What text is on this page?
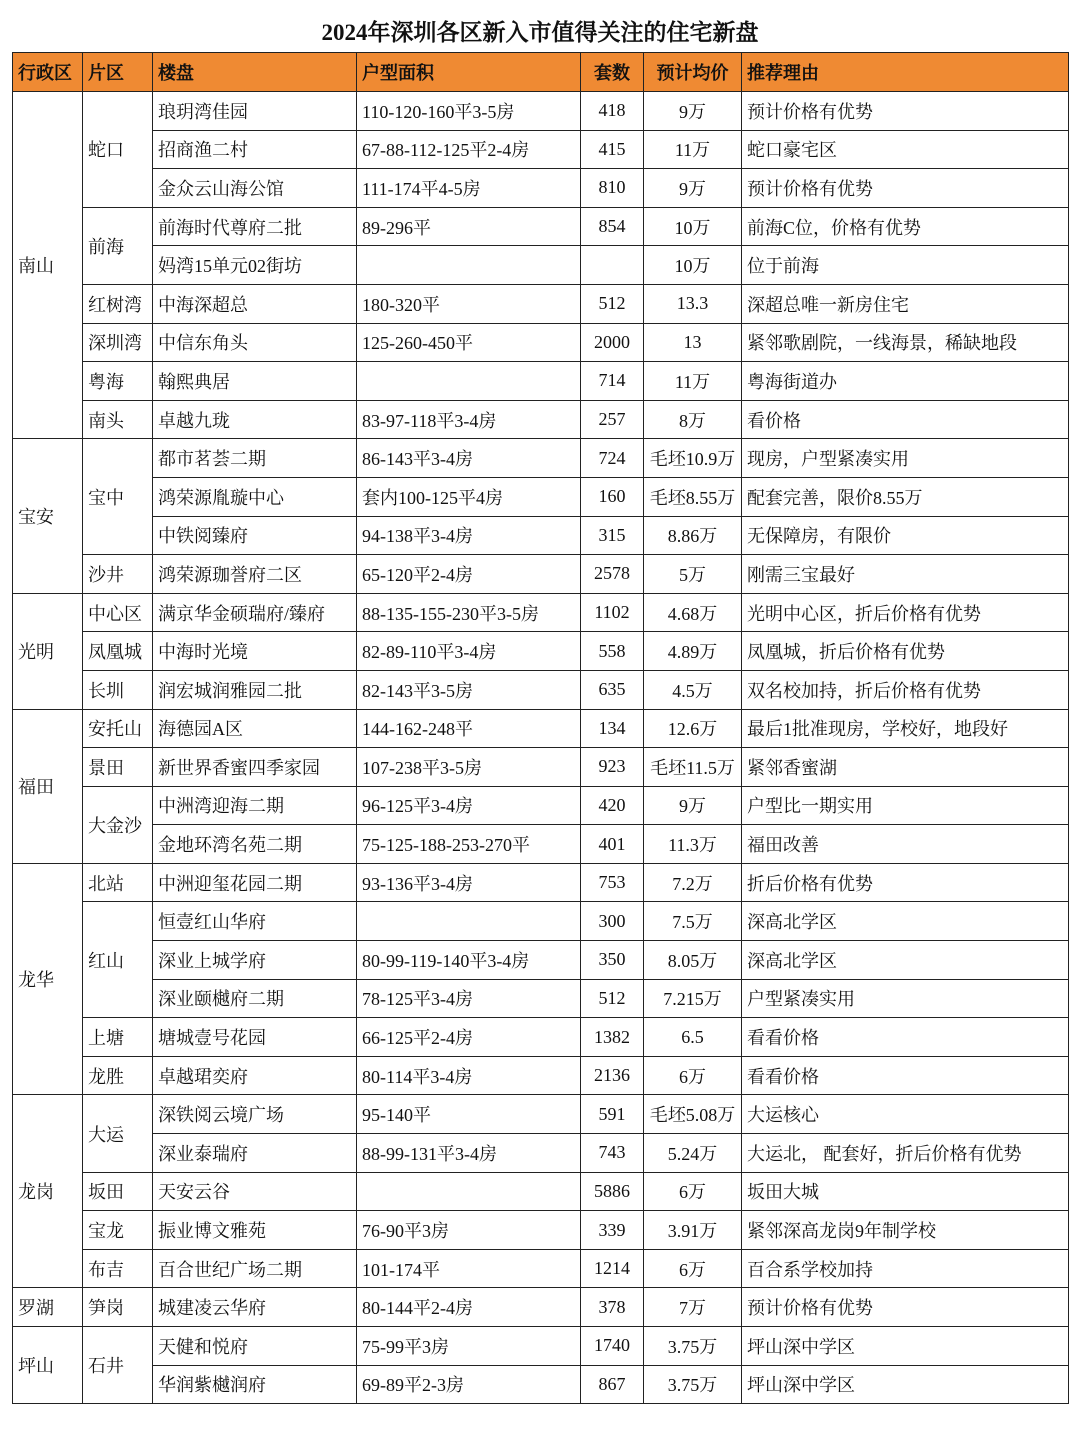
2024年深圳各区新入市值得关注的住宅新盘
行政区	片区	楼盘	户型面积	套数	预计均价	推荐理由
南山	蛇口	琅玥湾佳园	110-120-160平3-5房	418	9万	预计价格有优势
		招商渔二村	67-88-112-125平2-4房	415	11万	蛇口豪宅区
		金众云山海公馆	111-174平4-5房	810	9万	预计价格有优势
	前海	前海时代尊府二批	89-296平	854	10万	前海C位，价格有优势
		妈湾15单元02街坊			10万	位于前海
	红树湾	中海深超总	180-320平	512	13.3	深超总唯一新房住宅
	深圳湾	中信东角头	125-260-450平	2000	13	紧邻歌剧院，一线海景，稀缺地段
	粤海	翰熙典居		714	11万	粤海街道办
	南头	卓越九珑	83-97-118平3-4房	257	8万	看价格
宝安	宝中	都市茗荟二期	86-143平3-4房	724	毛坯10.9万	现房，户型紧凑实用
		鸿荣源胤璇中心	套内100-125平4房	160	毛坯8.55万	配套完善，限价8.55万
		中铁阅臻府	94-138平3-4房	315	8.86万	无保障房，有限价
	沙井	鸿荣源珈誉府二区	65-120平2-4房	2578	5万	刚需三宝最好
光明	中心区	满京华金硕瑞府/臻府	88-135-155-230平3-5房	1102	4.68万	光明中心区，折后价格有优势
	凤凰城	中海时光境	82-89-110平3-4房	558	4.89万	凤凰城，折后价格有优势
	长圳	润宏城润雅园二批	82-143平3-5房	635	4.5万	双名校加持，折后价格有优势
福田	安托山	海德园A区	144-162-248平	134	12.6万	最后1批准现房，学校好，地段好
	景田	新世界香蜜四季家园	107-238平3-5房	923	毛坯11.5万	紧邻香蜜湖
	大金沙	中洲湾迎海二期	96-125平3-4房	420	9万	户型比一期实用
		金地环湾名苑二期	75-125-188-253-270平	401	11.3万	福田改善
龙华	北站	中洲迎玺花园二期	93-136平3-4房	753	7.2万	折后价格有优势
	红山	恒壹红山华府		300	7.5万	深高北学区
		深业上城学府	80-99-119-140平3-4房	350	8.05万	深高北学区
		深业颐樾府二期	78-125平3-4房	512	7.215万	户型紧凑实用
	上塘	塘城壹号花园	66-125平2-4房	1382	6.5	看看价格
	龙胜	卓越珺奕府	80-114平3-4房	2136	6万	看看价格
龙岗	大运	深铁阅云境广场	95-140平	591	毛坯5.08万	大运核心
		深业泰瑞府	88-99-131平3-4房	743	5.24万	大运北， 配套好，折后价格有优势
	坂田	天安云谷		5886	6万	坂田大城
	宝龙	振业博文雅苑	76-90平3房	339	3.91万	紧邻深高龙岗9年制学校
	布吉	百合世纪广场二期	101-174平	1214	6万	百合系学校加持
罗湖	笋岗	城建凌云华府	80-144平2-4房	378	7万	预计价格有优势
坪山	石井	天健和悦府	75-99平3房	1740	3.75万	坪山深中学区
		华润紫樾润府	69-89平2-3房	867	3.75万	坪山深中学区
